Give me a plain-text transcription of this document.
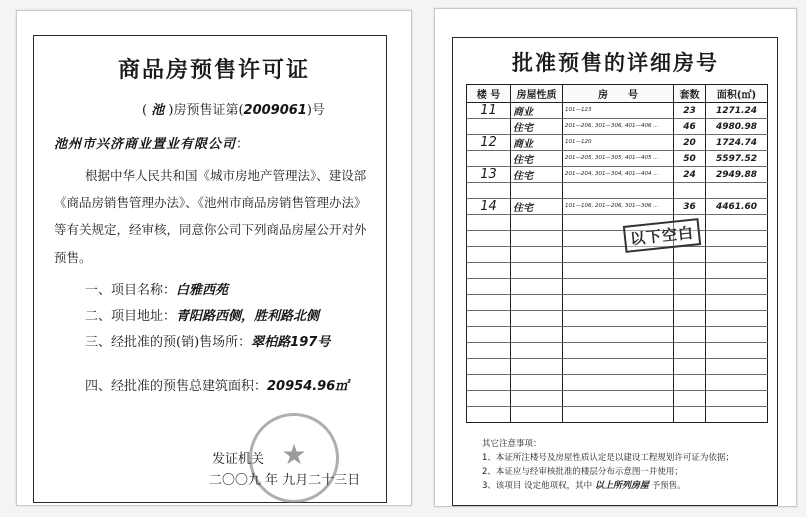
商品房预售许可证
( 池 )房预售证第(2009061)号
池州市兴济商业置业有限公司：
根据中华人民共和国《城市房地产管理法》、建设部
《商品房销售管理办法》、《池州市商品房销售管理办法》
等有关规定，经审核，同意你公司下列商品房屋公开对外
预售。
一、项目名称：白雅西苑
二、项目地址：青阳路西侧，胜利路北侧
三、经批准的预(销)售场所：翠柏路197号
四、经批准的预售总建筑面积：20954.96㎡
★
发证机关
二〇〇九 年 九月二十三日
批准预售的详细房号
楼 号	房屋性质	房　　号	套数	面积(㎡)
11	商业	101—123	23	1271.24
	住宅	201—206, 301—306, 401—406 ...	46	4980.98
12	商业	101—120	20	1724.74
	住宅	201—205, 301—305, 401—405 ...	50	5597.52
13	住宅	201—204, 301—304, 401—404 ...	24	2949.88

14	住宅	101—106, 201—206, 301—306 ...	36	4461.60

其它注意事项：
1、本证所注楼号及房屋性质认定是以建设工程规划许可证为依据；
2、本证应与经审核批准的楼层分布示意图一并使用；
3、该项目 设定他项权，其中 以上所列房屋 予预售。
以下空白
